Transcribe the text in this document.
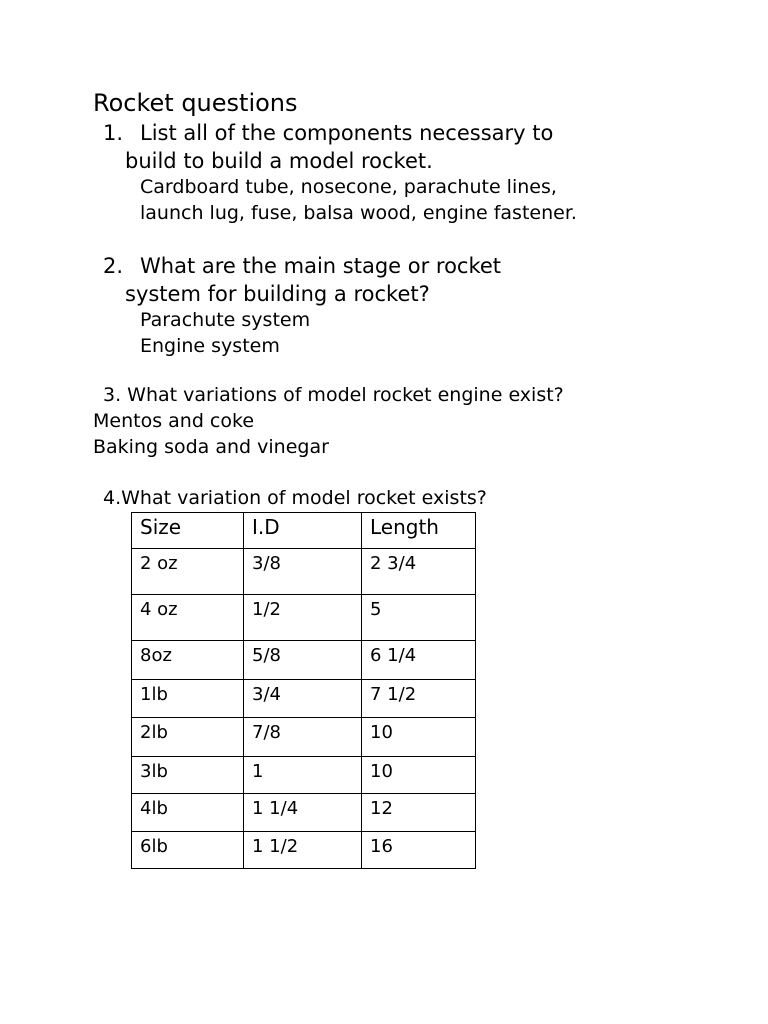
Rocket questions
1. List all of the components necessary to
build to build a model rocket.
Cardboard tube, nosecone, parachute lines,
launch lug, fuse, balsa wood, engine fastener.
2. What are the main stage or rocket
system for building a rocket?
Parachute system
Engine system
3. What variations of model rocket engine exist?
Mentos and coke
Baking soda and vinegar
4.What variation of model rocket exists?
Size	I.D	Length
2 oz	3/8	2 3/4
4 oz	1/2	5
8oz	5/8	6 1/4
1lb	3/4	7 1/2
2lb	7/8	10
3lb	1	10
4lb	1 1/4	12
6lb	1 1/2	16
